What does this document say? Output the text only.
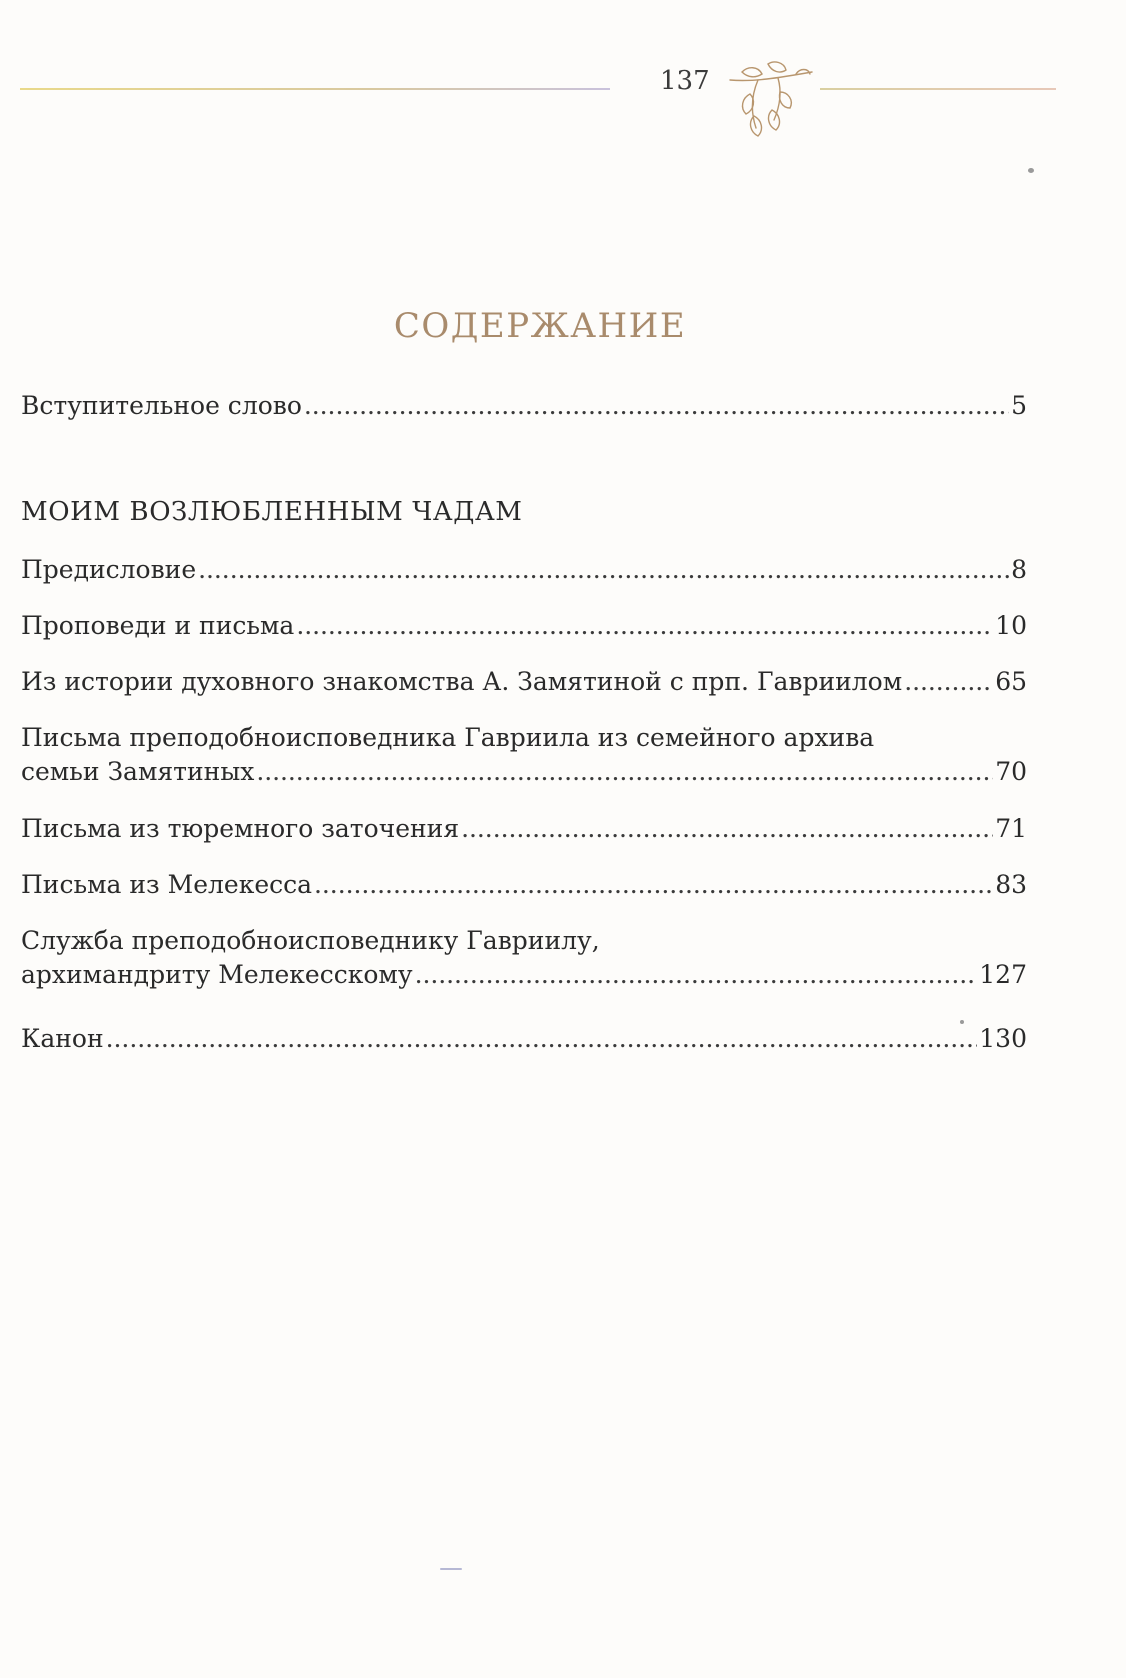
137
СОДЕРЖАНИЕ
Вступительное слово . . .	5
МОИМ ВОЗЛЮБЛЕННЫМ ЧАДАМ
Предисловие . . .	8
Проповеди и письма . . .	10
Из истории духовного знакомства А. Замятиной с прп. Гавриилом . . .	65
Письма преподобноисповедника Гавриила из семейного архива
семьи Замятиных . . .	70
Письма из тюремного заточения . . .	71
Письма из Мелекесса . . .	83
Служба преподобноисповеднику Гавриилу,
архимандриту Мелекесскому . . .	127
Канон . . .	130
